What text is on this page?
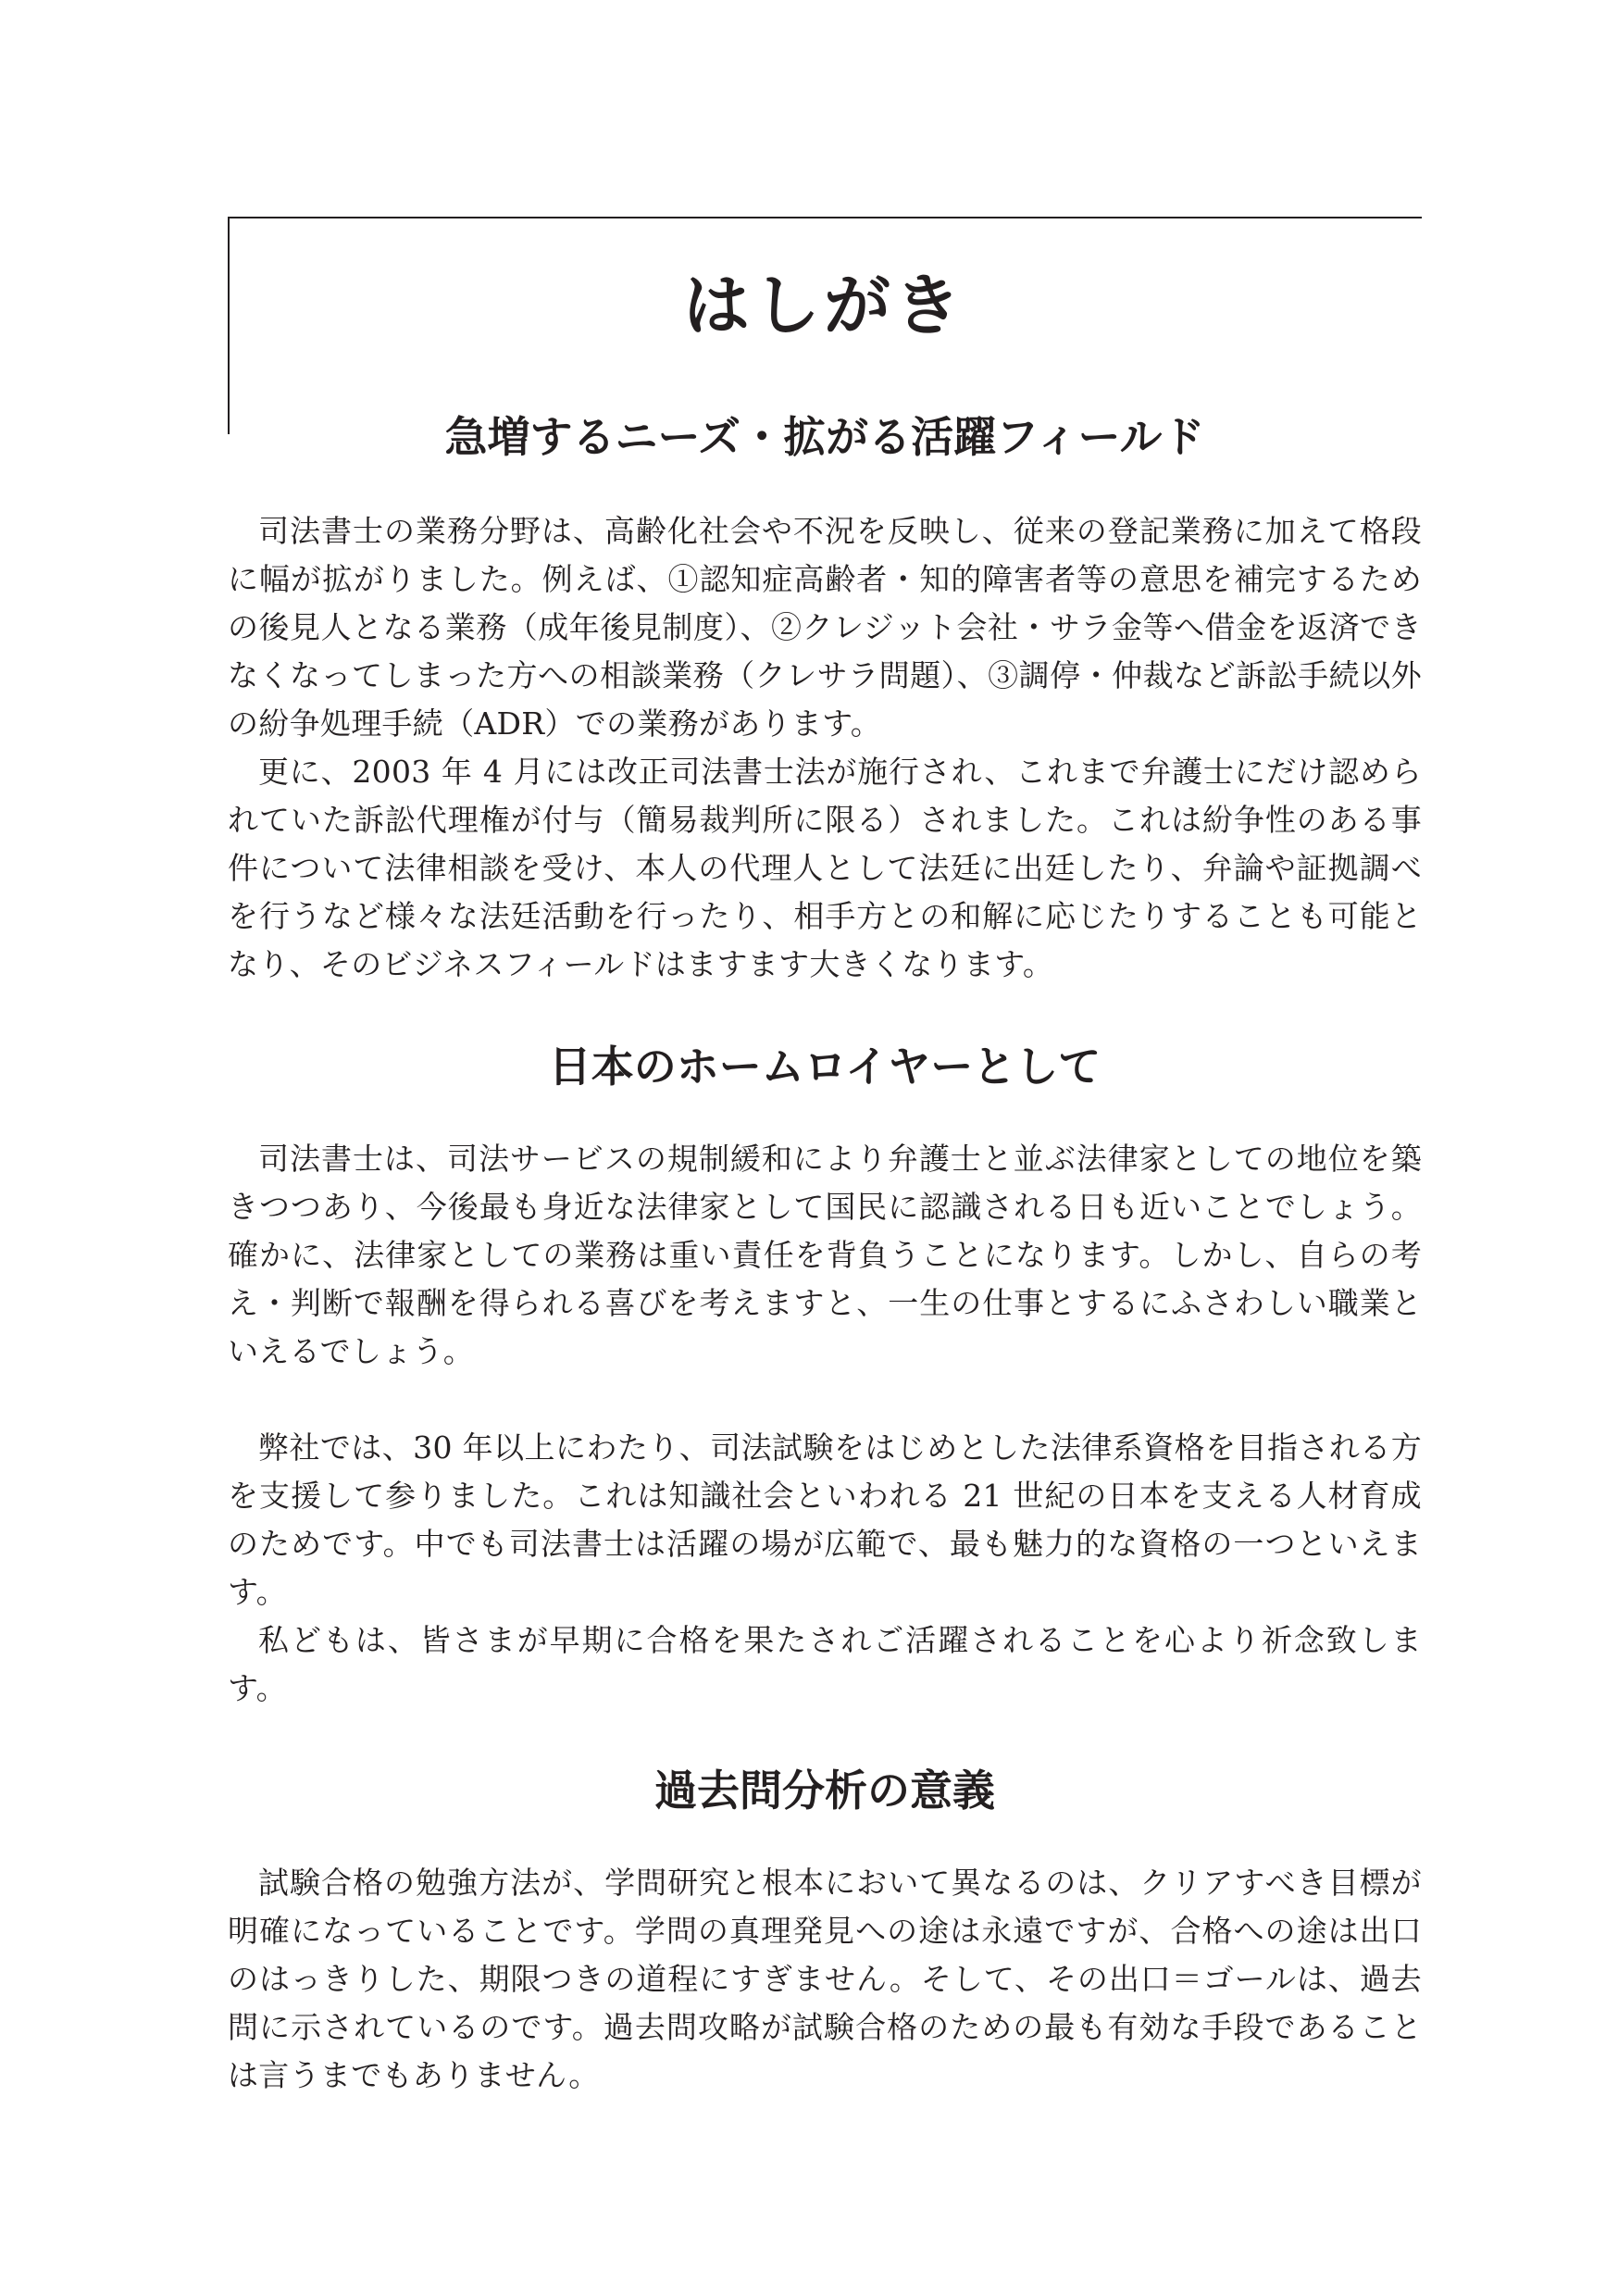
はしがき
急増するニーズ・拡がる活躍フィールド

司法書士の業務分野は、高齢化社会や不況を反映し、従来の登記業務に加えて格段に幅が拡がりました。例えば、①認知症高齢者・知的障害者等の意思を補完するための後見人となる業務（成年後見制度）、②クレジット会社・サラ金等へ借金を返済できなくなってしまった方への相談業務（クレサラ問題）、③調停・仲裁など訴訟手続以外の紛争処理手続（ADR）での業務があります。

更に、2003 年 4 月には改正司法書士法が施行され、これまで弁護士にだけ認められていた訴訟代理権が付与（簡易裁判所に限る）されました。これは紛争性のある事件について法律相談を受け、本人の代理人として法廷に出廷したり、弁論や証拠調べを行うなど様々な法廷活動を行ったり、相手方との和解に応じたりすることも可能となり、そのビジネスフィールドはますます大きくなります。

日本のホームロイヤーとして

司法書士は、司法サービスの規制緩和により弁護士と並ぶ法律家としての地位を築きつつあり、今後最も身近な法律家として国民に認識される日も近いことでしょう。確かに、法律家としての業務は重い責任を背負うことになります。しかし、自らの考え・判断で報酬を得られる喜びを考えますと、一生の仕事とするにふさわしい職業といえるでしょう。

弊社では、30 年以上にわたり、司法試験をはじめとした法律系資格を目指される方を支援して参りました。これは知識社会といわれる 21 世紀の日本を支える人材育成のためです。中でも司法書士は活躍の場が広範で、最も魅力的な資格の一つといえます。

私どもは、皆さまが早期に合格を果たされご活躍されることを心より祈念致します。

過去問分析の意義

試験合格の勉強方法が、学問研究と根本において異なるのは、クリアすべき目標が明確になっていることです。学問の真理発見への途は永遠ですが、合格への途は出口のはっきりした、期限つきの道程にすぎません。そして、その出口＝ゴールは、過去問に示されているのです。過去問攻略が試験合格のための最も有効な手段であることは言うまでもありません。
